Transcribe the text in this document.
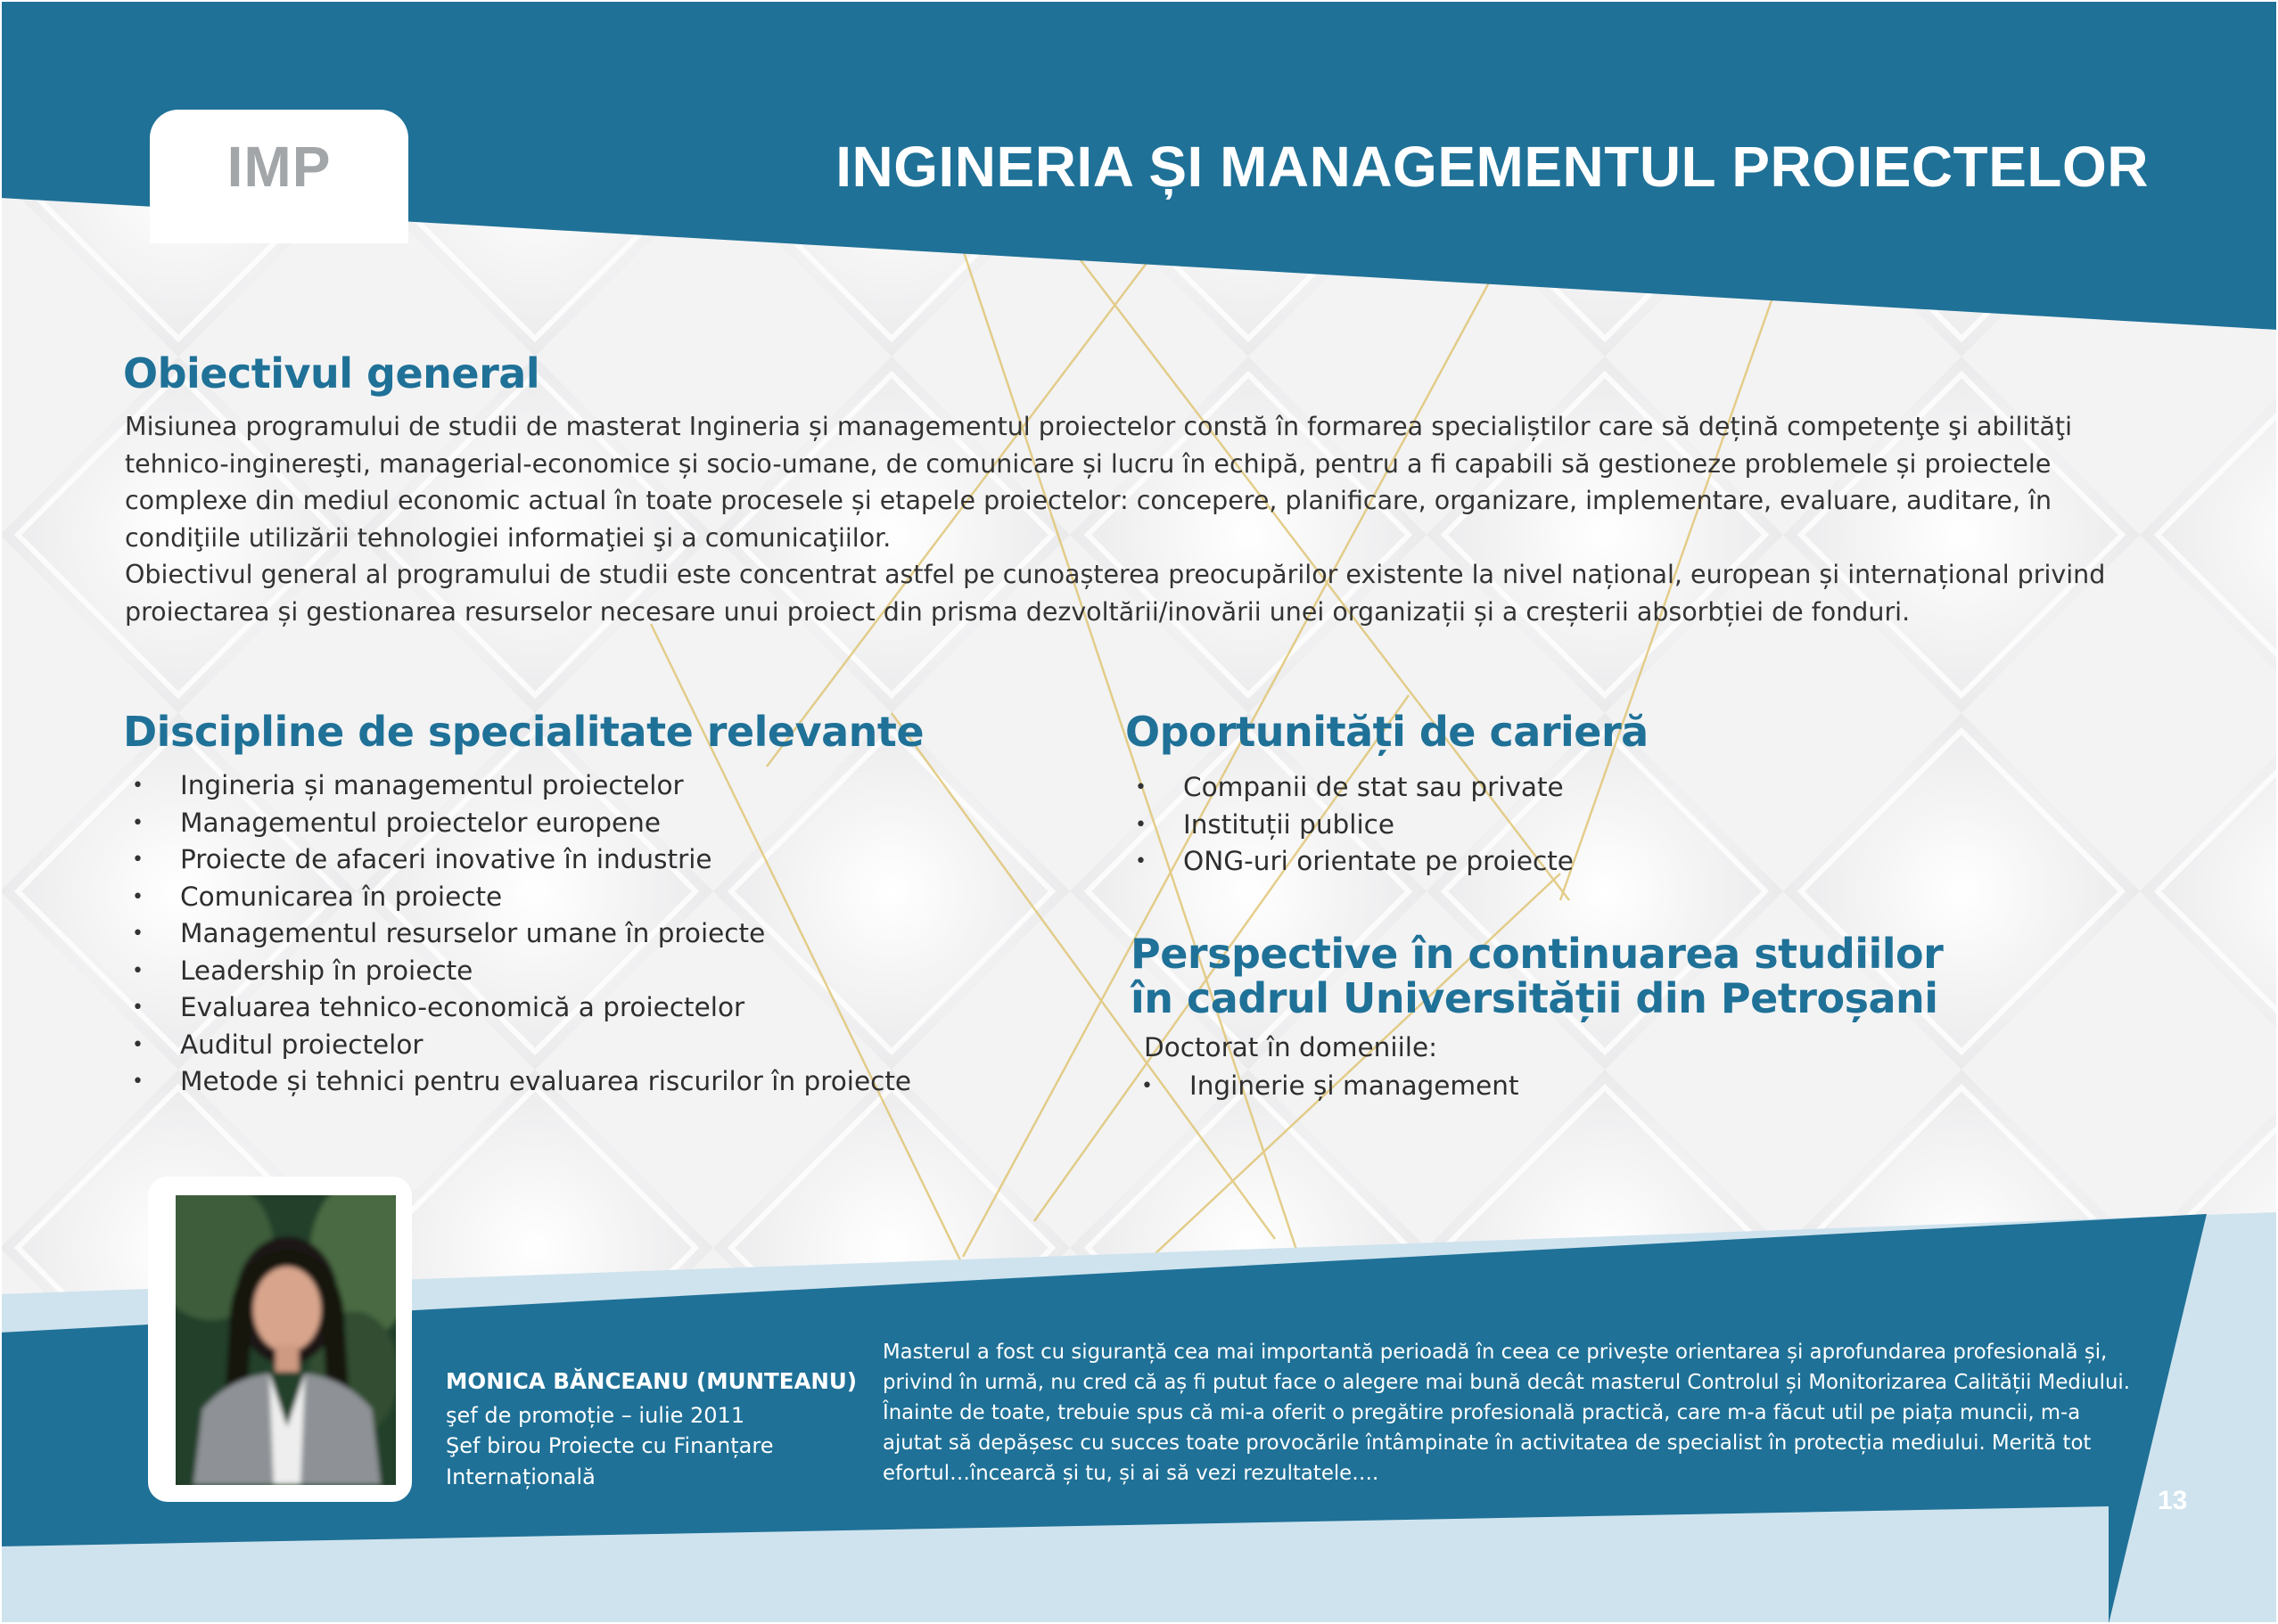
IMP	INGINERIA ȘI MANAGEMENTUL PROIECTELOR
Obiectivul general

Misiunea programului de studii de masterat Ingineria și managementul proiectelor constă în formarea specialiștilor care să dețină competenţe şi abilităţi tehnico-inginereşti, managerial-economice și socio-umane, de comunicare și lucru în echipă, pentru a fi capabili să gestioneze problemele și proiectele complexe din mediul economic actual în toate procesele și etapele proiectelor: concepere, planificare, organizare, implementare, evaluare, auditare, în condiţiile utilizării tehnologiei informaţiei şi a comunicaţiilor.

Obiectivul general al programului de studii este concentrat astfel pe cunoașterea preocupărilor existente la nivel național, european și internațional privind proiectarea și gestionarea resurselor necesare unui proiect din prisma dezvoltării/inovării unei organizații și a creșterii absorbției de fonduri.

Discipline de specialitate relevante
• Ingineria și managementul proiectelor
• Managementul proiectelor europene
• Proiecte de afaceri inovative în industrie
• Comunicarea în proiecte
• Managementul resurselor umane în proiecte
• Leadership în proiecte
• Evaluarea tehnico-economică a proiectelor
• Auditul proiectelor
• Metode și tehnici pentru evaluarea riscurilor în proiecte
Oportunități de carieră
• Companii de stat sau private
• Instituții publice
• ONG-uri orientate pe proiecte
Perspective în continuarea studiilor
în cadrul Universității din Petroșani

Doctorat în domeniile:

• Inginerie și management
MONICA BĂNCEANU (MUNTEANU)
şef de promoție – iulie 2011
Şef birou Proiecte cu Finanțare
Internațională

Masterul a fost cu siguranță cea mai importantă perioadă în ceea ce privește orientarea și aprofundarea profesională și, privind în urmă, nu cred că aș fi putut face o alegere mai bună decât masterul Controlul și Monitorizarea Calității Mediului. Înainte de toate, trebuie spus că mi-a oferit o pregătire profesională practică, care m-a făcut util pe piața muncii, m-a ajutat să depășesc cu succes toate provocările întâmpinate în activitatea de specialist în protecția mediului. Merită tot efortul…încearcă și tu, și ai să vezi rezultatele….

13
